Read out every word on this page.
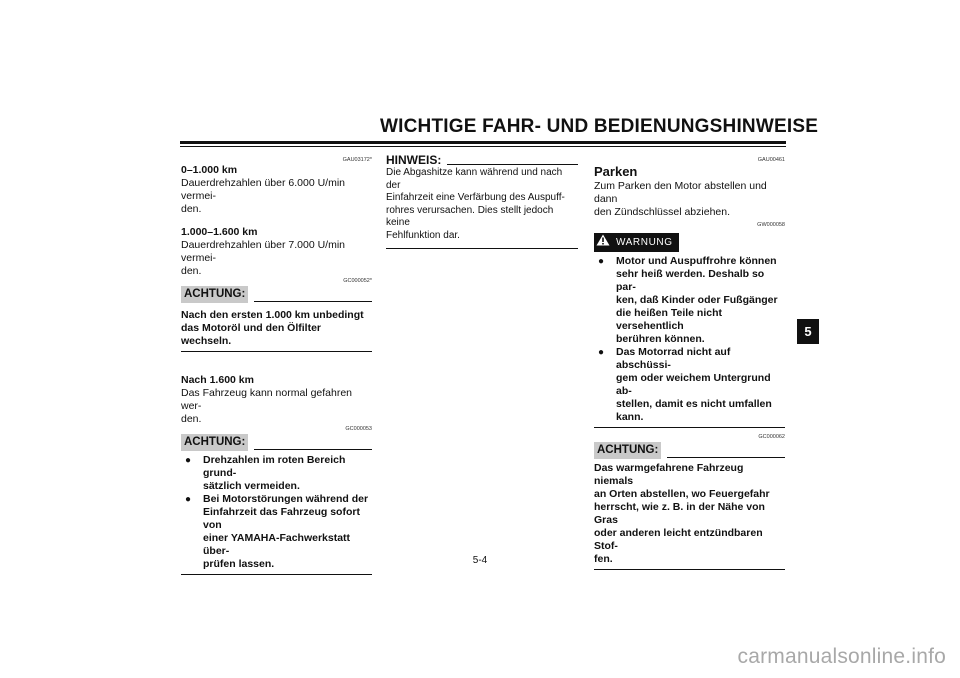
WICHTIGE FAHR- UND BEDIENUNGSHINWEISE
5
GAU03172*
0–1.000 km
Dauerdrehzahlen über 6.000 U/min vermei-
den.
1.000–1.600 km
Dauerdrehzahlen über 7.000 U/min vermei-
den.
GC000052*
ACHTUNG:
Nach den ersten 1.000 km unbedingt
das Motoröl und den Ölfilter wechseln.
Nach 1.600 km
Das Fahrzeug kann normal gefahren wer-
den.
GC000053
ACHTUNG:
●	Drehzahlen im roten Bereich grund-
sätzlich vermeiden.
●	Bei Motorstörungen während der
Einfahrzeit das Fahrzeug sofort von
einer YAMAHA-Fachwerkstatt über-
prüfen lassen.
HINWEIS:
Die Abgashitze kann während und nach der
Einfahrzeit eine Verfärbung des Auspuff-
rohres verursachen. Dies stellt jedoch keine
Fehlfunktion dar.
GAU00461
Parken
Zum Parken den Motor abstellen und dann
den Zündschlüssel abziehen.
GW000058
WARNUNG
●	Motor und Auspuffrohre können
sehr heiß werden. Deshalb so par-
ken, daß Kinder oder Fußgänger
die heißen Teile nicht versehentlich
berühren können.
●	Das Motorrad nicht auf abschüssi-
gem oder weichem Untergrund ab-
stellen, damit es nicht umfallen
kann.
GC000062
ACHTUNG:
Das warmgefahrene Fahrzeug niemals
an Orten abstellen, wo Feuergefahr
herrscht, wie z. B. in der Nähe von Gras
oder anderen leicht entzündbaren Stof-
fen.
5-4
carmanualsonline.info
